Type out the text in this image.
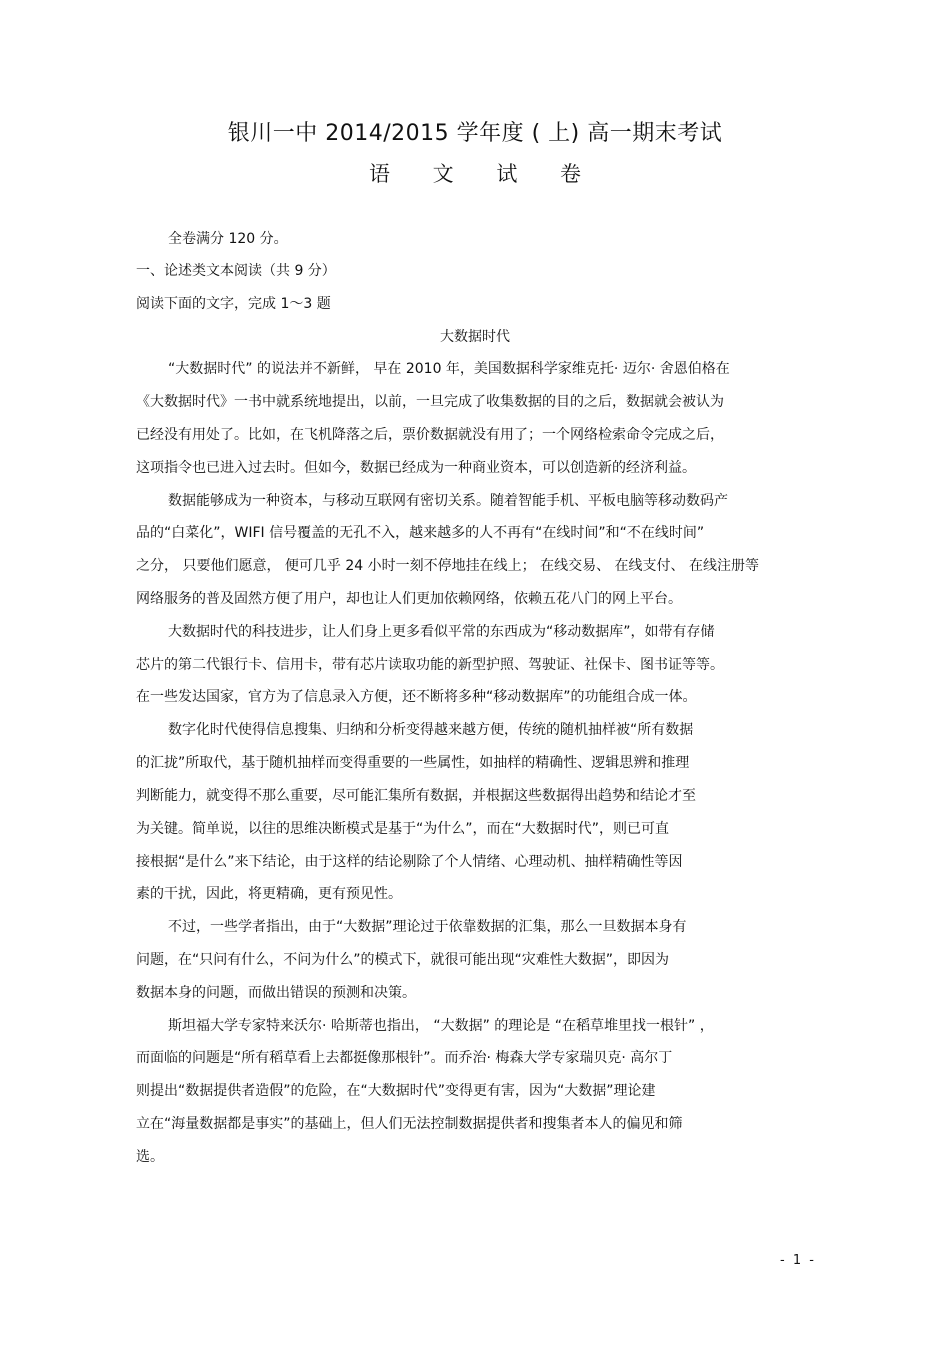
银川一中 2014/2015 学年度 ( 上) 高一期末考试
语 文 试 卷
全卷满分 120 分。
一、论述类文本阅读（共 9 分）
阅读下面的文字，完成 1～3 题
大数据时代
“大数据时代” 的说法并不新鲜， 早在 2010 年，美国数据科学家维克托· 迈尔· 舍恩伯格在
《大数据时代》一书中就系统地提出，以前，一旦完成了收集数据的目的之后，数据就会被认为
已经没有用处了。比如，在飞机降落之后，票价数据就没有用了；一个网络检索命令完成之后，
这项指令也已进入过去时。但如今，数据已经成为一种商业资本，可以创造新的经济利益。
数据能够成为一种资本，与移动互联网有密切关系。随着智能手机、平板电脑等移动数码产
品的“白菜化”，WIFI 信号覆盖的无孔不入，越来越多的人不再有“在线时间”和“不在线时间”
之分， 只要他们愿意， 便可几乎 24 小时一刻不停地挂在线上； 在线交易、 在线支付、 在线注册等
网络服务的普及固然方便了用户，却也让人们更加依赖网络，依赖五花八门的网上平台。
大数据时代的科技进步，让人们身上更多看似平常的东西成为“移动数据库”，如带有存储
芯片的第二代银行卡、信用卡，带有芯片读取功能的新型护照、驾驶证、社保卡、图书证等等。
在一些发达国家，官方为了信息录入方便，还不断将多种“移动数据库”的功能组合成一体。
数字化时代使得信息搜集、归纳和分析变得越来越方便，传统的随机抽样被“所有数据
的汇拢”所取代，基于随机抽样而变得重要的一些属性，如抽样的精确性、逻辑思辨和推理
判断能力，就变得不那么重要，尽可能汇集所有数据，并根据这些数据得出趋势和结论才至
为关键。简单说，以往的思维决断模式是基于“为什么”，而在“大数据时代”，则已可直
接根据“是什么”来下结论，由于这样的结论剔除了个人情绪、心理动机、抽样精确性等因
素的干扰，因此，将更精确，更有预见性。
不过，一些学者指出，由于“大数据”理论过于依靠数据的汇集，那么一旦数据本身有
问题，在“只问有什么，不问为什么”的模式下，就很可能出现“灾难性大数据”，即因为
数据本身的问题，而做出错误的预测和决策。
斯坦福大学专家特来沃尔· 哈斯蒂也指出， “大数据” 的理论是 “在稻草堆里找一根针” ，
而面临的问题是“所有稻草看上去都挺像那根针”。而乔治· 梅森大学专家瑞贝克· 高尔丁
则提出“数据提供者造假”的危险，在“大数据时代”变得更有害，因为“大数据”理论建
立在“海量数据都是事实”的基础上，但人们无法控制数据提供者和搜集者本人的偏见和筛
选。
- 1 -
